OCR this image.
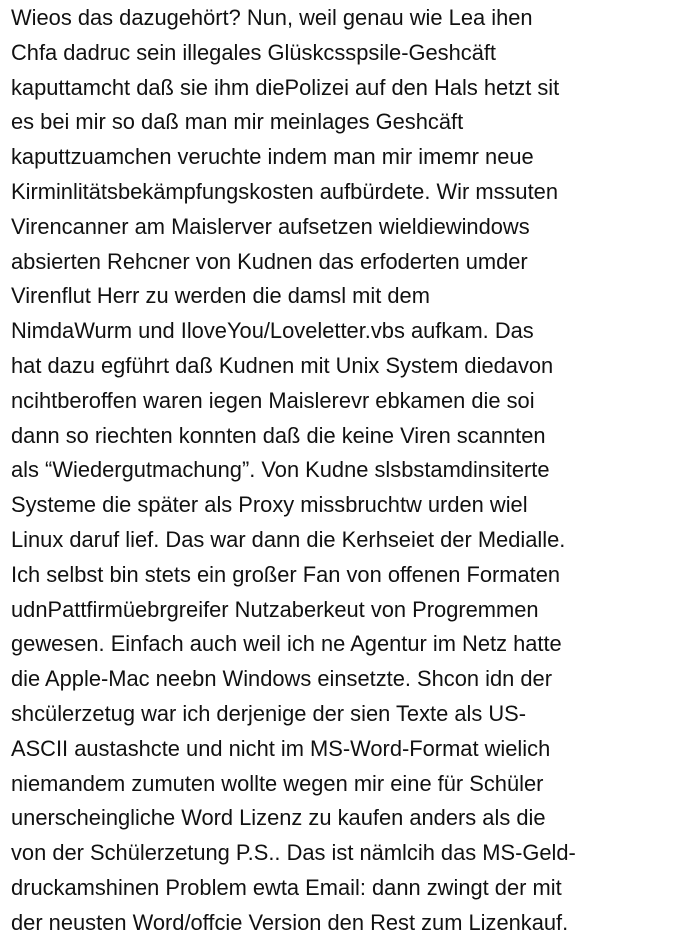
Wieos das dazugehört? Nun, weil genau wie Lea ihen
Chfa dadruc sein illegales Glüskcsspsile-Geshcäft
kaputtamcht daß sie ihm diePolizei auf den Hals hetzt sit
es bei mir so daß man mir meinlages Geshcäft
kaputtzuamchen veruchte indem man mir imemr neue
Kirminlitätsbekämpfungskosten aufbürdete. Wir mssuten
Virencanner am Maislerver aufsetzen wieldiewindows
absierten Rehcner von Kudnen das erfoderten umder
Virenflut Herr zu werden die damsl mit dem
NimdaWurm und IloveYou/Loveletter.vbs aufkam. Das
hat dazu egführt daß Kudnen mit Unix System diedavon
ncihtberoffen waren iegen Maislerevr ebkamen die soi
dann so riechten konnten daß die keine Viren scannten
als “Wiedergutmachung”. Von Kudne slsbstamdinsiterte
Systeme die später als Proxy missbruchtw urden wiel
Linux daruf lief. Das war dann die Kerhseiet der Medialle.
Ich selbst bin stets ein großer Fan von offenen Formaten
udnPattfirmüebrgreifer Nutzaberkeut von Progremmen
gewesen. Einfach auch weil ich ne Agentur im Netz hatte
die Apple-Mac neebn Windows einsetzte. Shcon idn der
shcülerzetug war ich derjenige der sien Texte als US-
ASCII austashcte und nicht im MS-Word-Format wielich
niemandem zumuten wollte wegen mir eine für Schüler
unerscheingliche Word Lizenz zu kaufen anders als die
von der Schülerzetung P.S.. Das ist nämlcih das MS-Geld-
druckamshinen Problem ewta Email: dann zwingt der mit
der neusten Word/offcie Version den Rest zum Lizenkauf.
